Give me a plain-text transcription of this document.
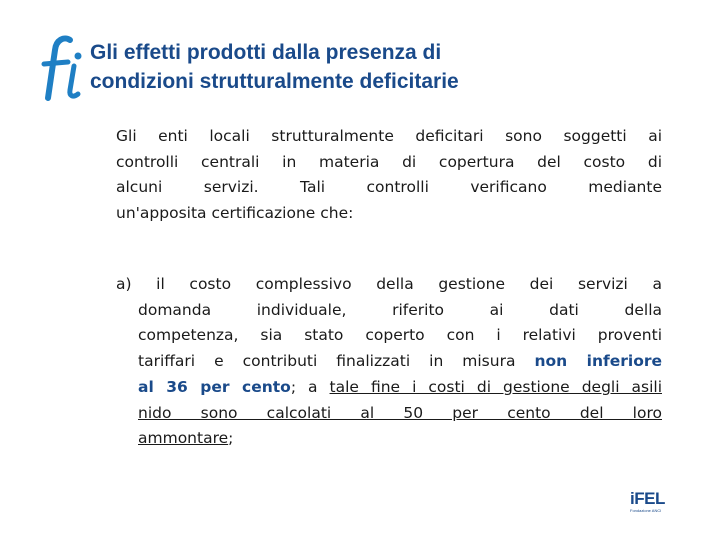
Gli effetti prodotti dalla presenza di
condizioni strutturalmente deficitarie
Gli enti locali strutturalmente deficitari sono soggetti ai
controlli centrali in materia di copertura del costo di
alcuni servizi. Tali controlli verificano mediante
un'apposita certificazione che:
a) il costo complessivo della gestione dei servizi a
domanda individuale, riferito ai dati della
competenza, sia stato coperto con i relativi proventi
tariffari e contributi finalizzati in misura non inferiore
al 36 per cento; a tale fine i costi di gestione degli asili
nido sono calcolati al 50 per cento del loro
ammontare;
iFEL
Fondazione ANCI
